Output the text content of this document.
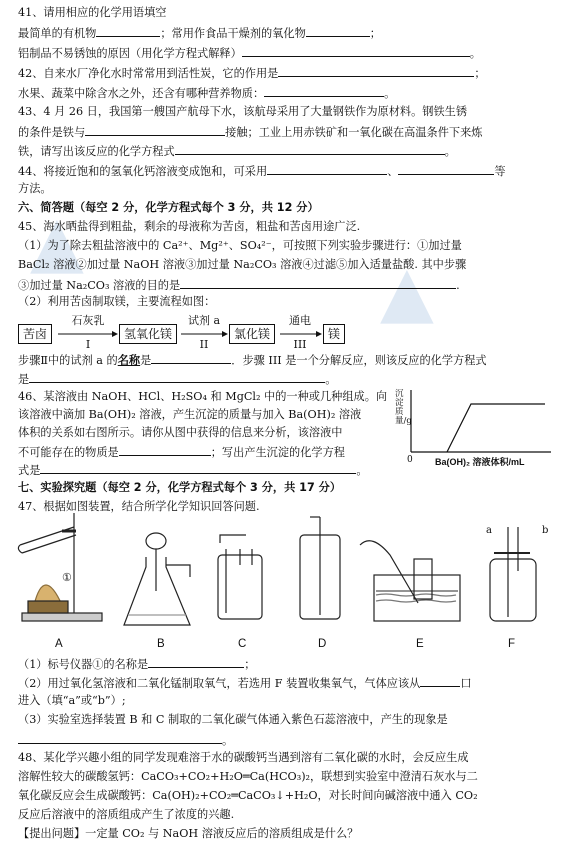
▲
▲
41、请用相应的化学用语填空
最简单的有机物	；常用作食品干燥剂的氧化物	；
铝制品不易锈蚀的原因（用化学方程式解释）	。
42、自来水厂净化水时常常用到活性炭，它的作用是	；
水果、蔬菜中除含水之外，还含有哪种营养物质：	。
43、4 月 26 日，我国第一艘国产航母下水，该航母采用了大量钢铁作为原材料。钢铁生锈
的条件是铁与	接触；工业上用赤铁矿和一氧化碳在高温条件下来炼
铁，请写出该反应的化学方程式	。
44、将接近饱和的氢氧化钙溶液变成饱和，可采用	、	等
方法。
六、简答题（每空 2 分，化学方程式每个 3 分，共 12 分）
45、海水晒盐得到粗盐，剩余的母液称为苦卤，粗盐和苦卤用途广泛.
（1）为了除去粗盐溶液中的 Ca²⁺、Mg²⁺、SO₄²⁻，可按照下列实验步骤进行：①加过量
BaCl₂ 溶液②加过量 NaOH 溶液③加过量 Na₂CO₃ 溶液④过滤⑤加入适量盐酸. 其中步骤
③加过量 Na₂CO₃ 溶液的目的是	.
（2）利用苦卤制取镁，主要流程如图：
苦卤
石灰乳
I
氢氧化镁
试剂 a
II
氯化镁
通电
III
镁
步骤Ⅱ中的试剂 a 的名称是	．步骤 III 是一个分解反应，则该反应的化学方程式
是	。
46、某溶液由 NaOH、HCl、H₂SO₄ 和 MgCl₂ 中的一种或几种组成。向
该溶液中滴加 Ba(OH)₂ 溶液，产生沉淀的质量与加入 Ba(OH)₂ 溶液
体积的关系如右图所示。请你从图中获得的信息来分析，该溶液中
不可能存在的物质是	；写出产生沉淀的化学方程
式是	。
沉淀质量/g
0 Ba(OH)₂ 溶液体积/mL
七、实验探究题（每空 2 分，化学方程式每个 3 分，共 17 分）
47、根据如图装置，结合所学化学知识回答问题.
①
a	b
A	B	C	D	E	F
（1）标号仪器①的名称是	；
（2）用过氧化氢溶液和二氧化锰制取氧气，若选用 F 装置收集氧气，气体应该从	口
进入（填“a”或“b”）;
（3）实验室选择装置 B 和 C 制取的二氧化碳气体通入紫色石蕊溶液中，产生的现象是
。
48、某化学兴趣小组的同学发现难溶于水的碳酸钙当遇到溶有二氧化碳的水时，会反应生成
溶解性较大的碳酸氢钙：CaCO₃+CO₂+H₂O═Ca(HCO₃)₂，联想到实验室中澄清石灰水与二
氧化碳反应会生成碳酸钙：Ca(OH)₂+CO₂═CaCO₃↓+H₂O，对长时间向碱溶液中通入 CO₂
反应后溶液中的溶质组成产生了浓度的兴趣.
【提出问题】一定量 CO₂ 与 NaOH 溶液反应后的溶质组成是什么？
